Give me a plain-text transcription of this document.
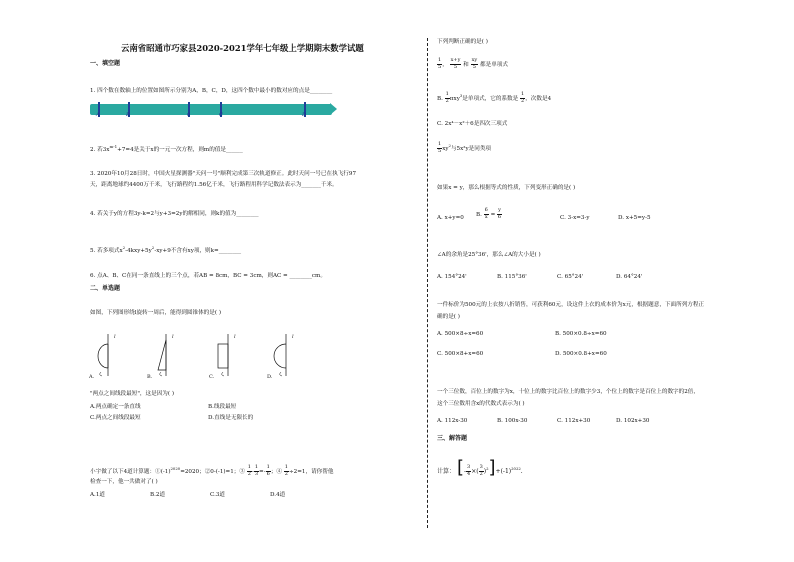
云南省昭通市巧家县2020-2021学年七年级上学期期末数学试题
一、填空题
1. 四个数在数轴上的位置如图所示分别为A，B，C，D，这四个数中最小的数对应的点是________
A	B	0	C	D
2. 若$3x^{m-1}+7=4$是关于x的一元一次方程，则m的值是______
3. 2020年10月28日时，中国火星探测器"天问一号"顺利完成第三次轨道修正。此时天问一号已在执飞行97
天，距离地球约4400万千米，飞行路程约1.56亿千米，飞行路程用科学记数法表示为_______千米。
4. 若关于y的方程3y-k=2与y+3=2y的解相同，则k的值为________
5. 若多项式$x^2-4kxy+5y^2-xy+9$不含有xy项，则k=________
6. 点A、B、C在同一条直线上的三个点，若AB = 8cm，BC = 3cm，则AC = ________cm。
二、单选题
如图，下列图形绕l旋转一周后，能得到圆锥体的是( )
l
A.
l
B.
l
C.
l
D.
"两点之间线段最短"，这是因为( )
A.两点确定一条直线	B.线段最短
C.两点之间线段最短	D.直线是无限长的
小宇做了以下4道计算题：$①(-1)^{2020}=2020$；②0-(-1)=1；③ $\frac{1}{2} - \frac{1}{3} =- \frac{1}{6}$ ；④ $\frac{1}{2} \div 2=1$，请你帮他
检查一下，他一共做对了( )
A.1道	B.2道	C.3道	D.4道
下列判断正确的是( )
$\frac{1}{5}$ ， $\frac{x+y}{5}$ 和 $\frac{xy}{5}$ 都是单项式
B. $\frac{1}{2} \pi xy^3$是单项式，它的系数是 $\frac{1}{2}$ ，次数是4
C. 2x⁴－x²＋6是四次三项式
$\frac{1}{5} xy^2$与5x²y是同类项
如果x = y，那么根据等式的性质，下列变形正确的是( )
A. x+y=0
B. $\frac{6}{x} = \frac{y}{6}$	C. 3-x=3-y	D. x+5=y-5
∠A的余角是25°36'，那么∠A的大小是( )
A. 154°24'	B. 115°36'	C. 65°24'	D. 64°24'
一件标价为500元的上衣按八折销售，可获利60元，设这件上衣的成本价为x元，根据题意，下面所列方程正
确的是( )
A. 500×8÷x=60	B. 500×0.8÷x=60
C. 500×8+x=60	D. 500×0.8+x=60
一个三位数，百位上的数字为x，十位上的数字比百位上的数字少3，个位上的数字是百位上的数字的2倍，
这个三位数用含x的代数式表示为( )
A. 112x-30	B. 100x-30	C. 112x+30	D. 102x+30
三、解答题
计算： [- $\frac{3}{4}$ ×( $\frac{3}{2} )^2]+(-1)^{2022}$.
